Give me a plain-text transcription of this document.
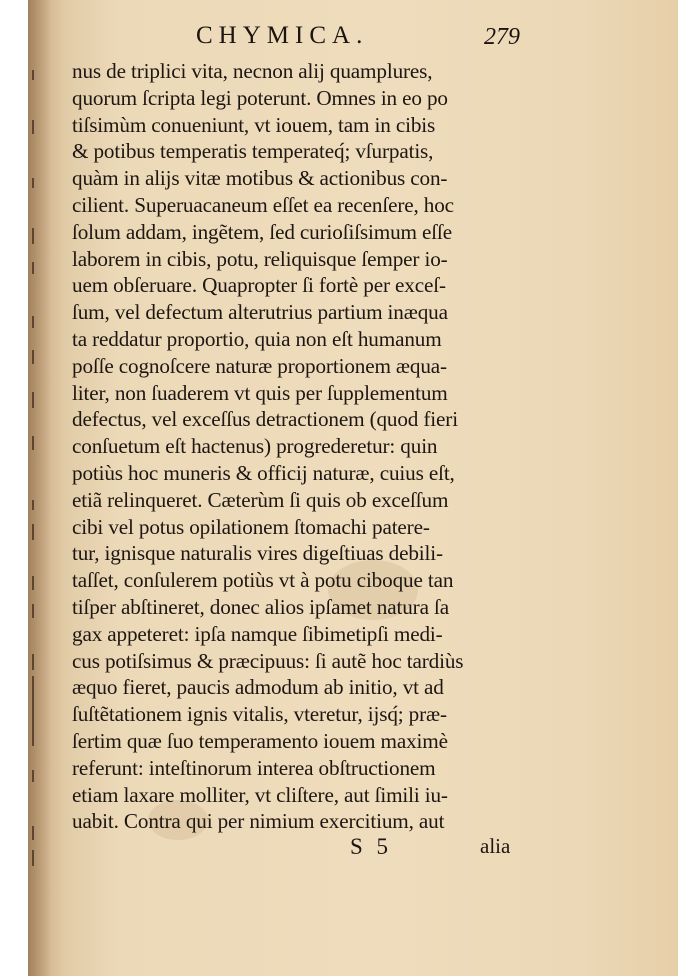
CHYMICA.	279
nus de triplici vita, necnon alij quamplures,
quorum ſcripta legi poterunt. Omnes in eo po
tiſsimùm conueniunt, vt iouem, tam in cibis
& potibus temperatis temperateq́; vſurpatis,
quàm in alijs vitæ motibus & actionibus con-
cilient. Superuacaneum eſſet ea recenſere, hoc
ſolum addam, ingẽtem, ſed curioſiſsimum eſſe
laborem in cibis, potu, reliquisque ſemper io-
uem obſeruare. Quapropter ſi fortè per exceſ-
ſum, vel defectum alterutrius partium inæqua
ta reddatur proportio, quia non eſt humanum
poſſe cognoſcere naturæ proportionem æqua-
liter, non ſuaderem vt quis per ſupplementum
defectus, vel exceſſus detractionem (quod fieri
conſuetum eſt hactenus) progrederetur: quin
potiùs hoc muneris & officij naturæ, cuius eſt,
etiã relinqueret. Cæterùm ſi quis ob exceſſum
cibi vel potus opilationem ſtomachi patere-
tur, ignisque naturalis vires digeſtiuas debili-
taſſet, conſulerem potiùs vt à potu ciboque tan
tiſper abſtineret, donec alios ipſamet natura ſa
gax appeteret: ipſa namque ſibimetipſi medi-
cus potiſsimus & præcipuus: ſi autẽ hoc tardiùs
æquo fieret, paucis admodum ab initio, vt ad
ſuſtẽtationem ignis vitalis, vteretur, ijsq́; præ-
ſertim quæ ſuo temperamento iouem maximè
referunt: inteſtinorum interea obſtructionem
etiam laxare molliter, vt cliſtere, aut ſimili iu-
uabit. Contra qui per nimium exercitium, aut
S 5	alia
